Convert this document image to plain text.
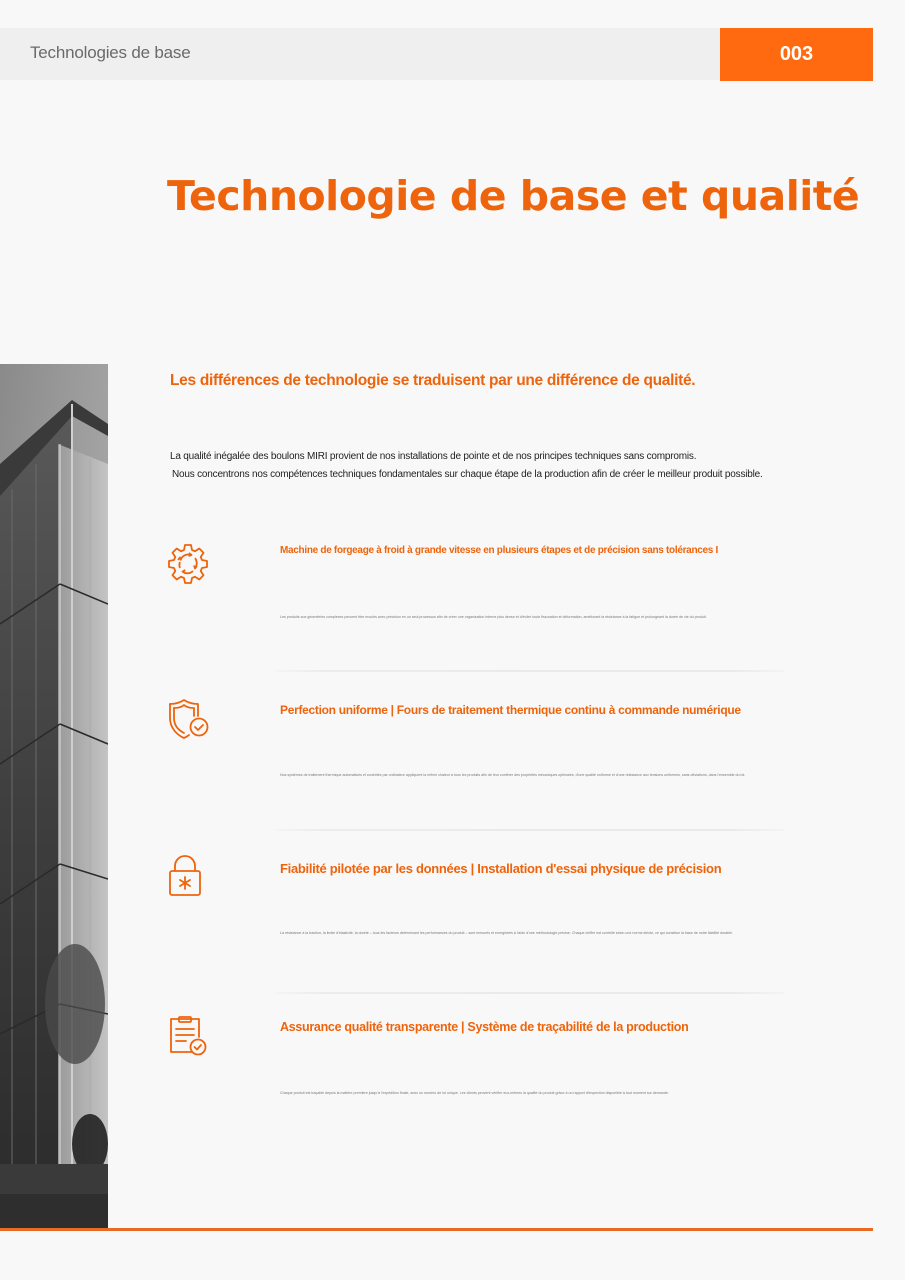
Technologies de base	003
Technologie de base et qualité
Les différences de technologie se traduisent par une différence de qualité.
La qualité inégalée des boulons MIRI provient de nos installations de pointe et de nos principes techniques sans compromis.
Nous concentrons nos compétences techniques fondamentales sur chaque étape de la production afin de créer le meilleur produit possible.
Machine de forgeage à froid à grande vitesse en plusieurs étapes et de précision sans tolérances I
Les produits aux géométries complexes peuvent être moulés avec précision en un seul processus afin de créer une organisation interne plus dense et d'éviter toute fissuration et déformation, améliorant la résistance à la fatigue et prolongeant la durée de vie du produit.
Perfection uniforme | Fours de traitement thermique continu à commande numérique
Nos systèmes de traitement thermique automatisés et contrôlés par ordinateur appliquent la même chaleur à tous les produits afin de leur conférer des propriétés mécaniques optimales, d'une qualité uniforme et d'une résistance aux tensions uniformes, sans déviations, dans l'ensemble du lot.
Fiabilité pilotée par les données | Installation d'essai physique de précision
La résistance à la traction, la limite d'élasticité, la dureté – tous les facteurs déterminant les performances du produit – sont mesurés et enregistrés à l'aide d'une méthodologie précise. Chaque chiffre est contrôlé selon une norme stricte, ce qui constitue la base de notre fiabilité durable.
Assurance qualité transparente | Système de traçabilité de la production
Chaque produit est traçable depuis la matière première jusqu'à l'expédition finale, avec un numéro de lot unique. Les clients peuvent vérifier eux-mêmes la qualité du produit grâce à un rapport d'inspection disponible à tout moment sur demande.
